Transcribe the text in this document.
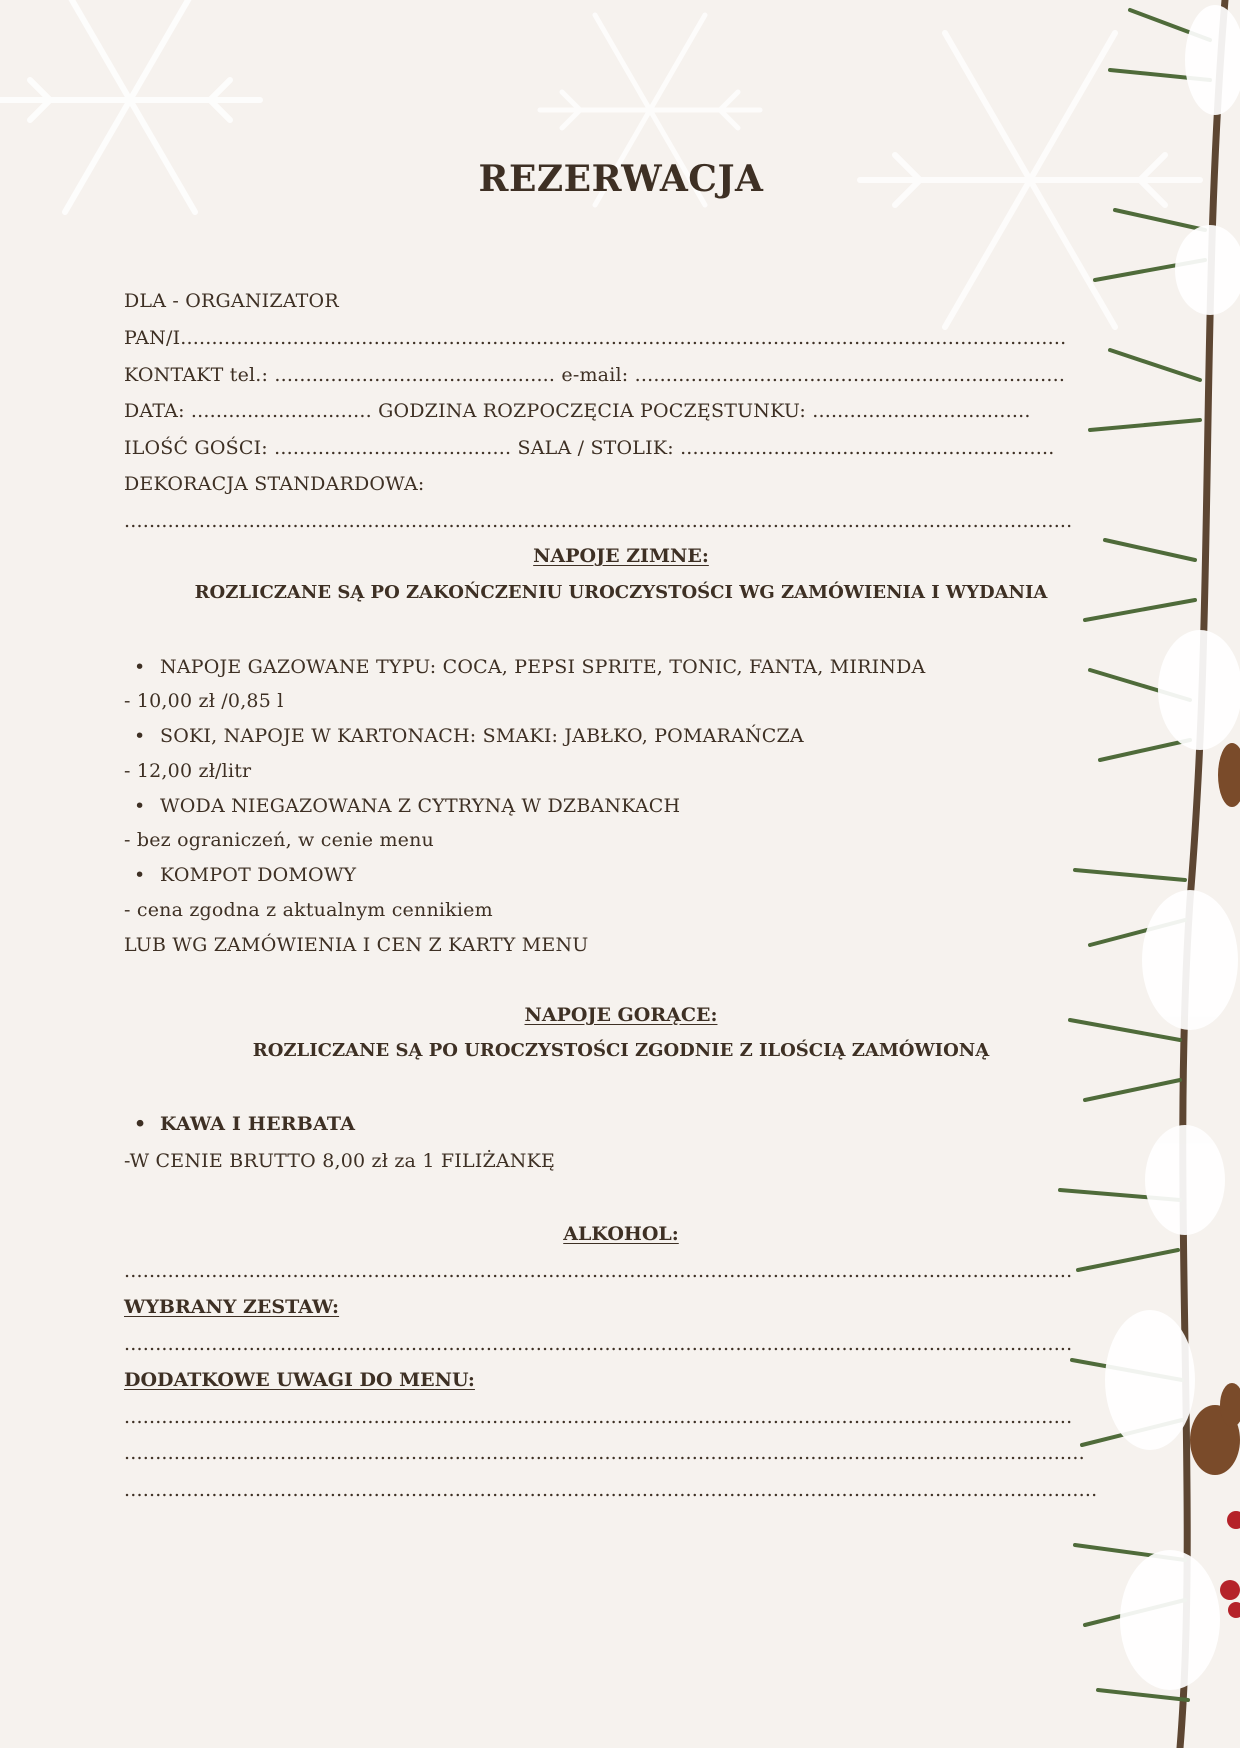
REZERWACJA
DLA - ORGANIZATOR
PAN/I..............................................................................................................................................
KONTAKT tel.: ............................................. e-mail: .....................................................................
DATA: ............................. GODZINA ROZPOCZĘCIA POCZĘSTUNKU: ...................................
ILOŚĆ GOŚCI: ...................................... SALA / STOLIK: ............................................................
DEKORACJA STANDARDOWA:
........................................................................................................................................................
NAPOJE ZIMNE:
ROZLICZANE SĄ PO ZAKOŃCZENIU UROCZYSTOŚCI WG ZAMÓWIENIA I WYDANIA
• NAPOJE GAZOWANE TYPU: COCA, PEPSI SPRITE, TONIC, FANTA, MIRINDA
- 10,00 zł /0,85 l
• SOKI, NAPOJE W KARTONACH: SMAKI: JABŁKO, POMARAŃCZA
- 12,00 zł/litr
• WODA NIEGAZOWANA Z CYTRYNĄ W DZBANKACH
- bez ograniczeń, w cenie menu
• KOMPOT DOMOWY
- cena zgodna z aktualnym cennikiem
LUB WG ZAMÓWIENIA I CEN Z KARTY MENU
NAPOJE GORĄCE:
ROZLICZANE SĄ PO UROCZYSTOŚCI ZGODNIE Z ILOŚCIĄ ZAMÓWIONĄ
• KAWA I HERBATA
-W CENIE BRUTTO 8,00 zł za 1 FILIŻANKĘ
ALKOHOL:
........................................................................................................................................................
WYBRANY ZESTAW:
........................................................................................................................................................
DODATKOWE UWAGI DO MENU:
........................................................................................................................................................
..........................................................................................................................................................
............................................................................................................................................................
